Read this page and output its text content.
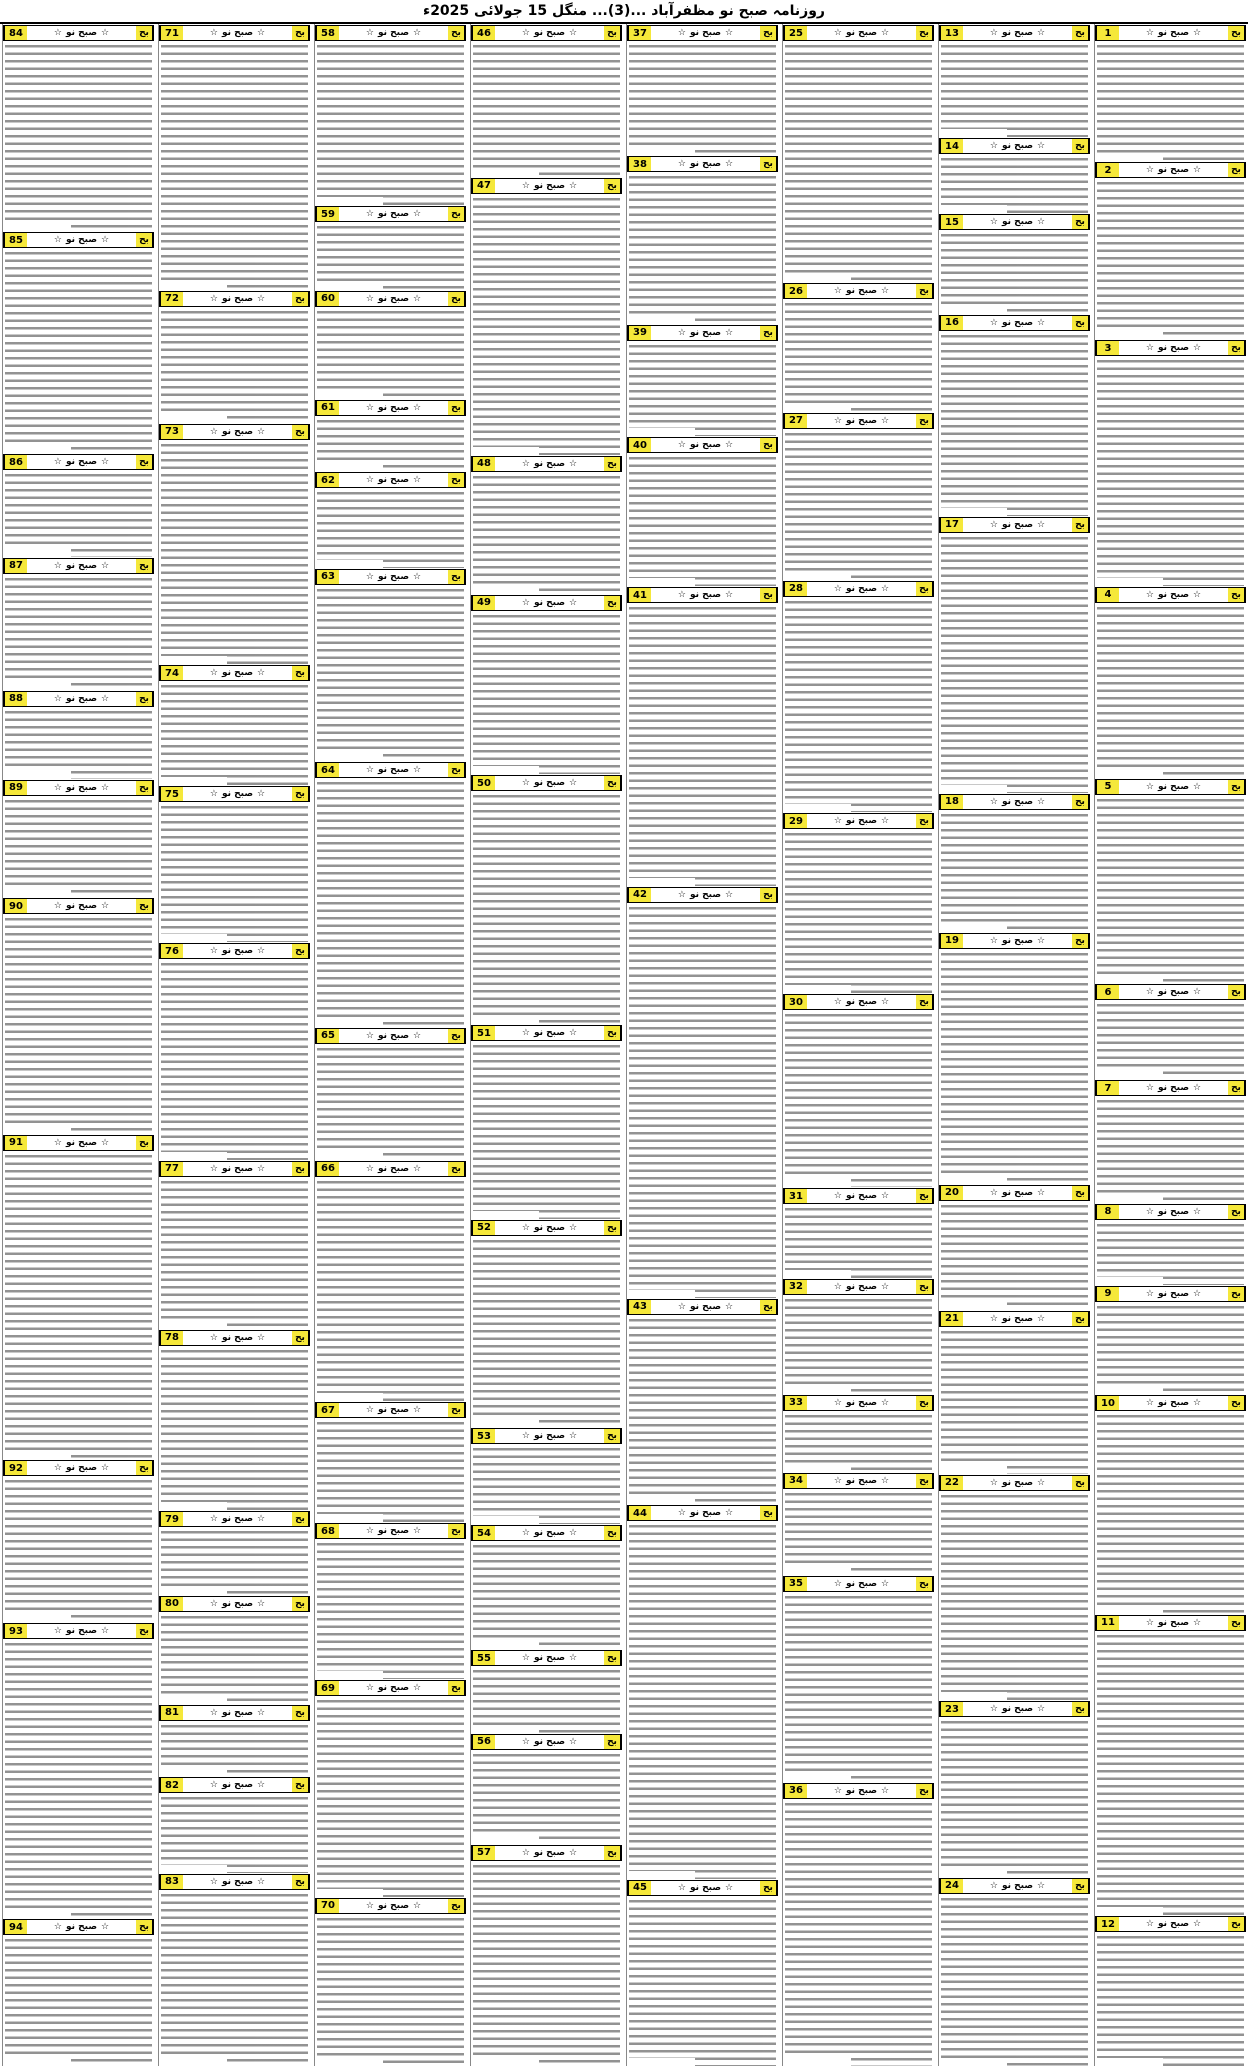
روزنامہ صبح نو مظفرآباد ...(3)... منگل 15 جولائی 2025ء
1	☆
صبح نو
☆	بح
2	☆
صبح نو
☆	بح
3	☆
صبح نو
☆	بح
4	☆
صبح نو
☆	بح
5	☆
صبح نو
☆	بح
6	☆
صبح نو
☆	بح
7	☆
صبح نو
☆	بح
8	☆
صبح نو
☆	بح
9	☆
صبح نو
☆	بح
10	☆
صبح نو
☆	بح
11	☆
صبح نو
☆	بح
12	☆
صبح نو
☆	بح
13	☆
صبح نو
☆	بح
14	☆
صبح نو
☆	بح
15	☆
صبح نو
☆	بح
16	☆
صبح نو
☆	بح
17	☆
صبح نو
☆	بح
18	☆
صبح نو
☆	بح
19	☆
صبح نو
☆	بح
20	☆
صبح نو
☆	بح
21	☆
صبح نو
☆	بح
22	☆
صبح نو
☆	بح
23	☆
صبح نو
☆	بح
24	☆
صبح نو
☆	بح
25	☆
صبح نو
☆	بح
26	☆
صبح نو
☆	بح
27	☆
صبح نو
☆	بح
28	☆
صبح نو
☆	بح
29	☆
صبح نو
☆	بح
30	☆
صبح نو
☆	بح
31	☆
صبح نو
☆	بح
32	☆
صبح نو
☆	بح
33	☆
صبح نو
☆	بح
34	☆
صبح نو
☆	بح
35	☆
صبح نو
☆	بح
36	☆
صبح نو
☆	بح
37	☆
صبح نو
☆	بح
38	☆
صبح نو
☆	بح
39	☆
صبح نو
☆	بح
40	☆
صبح نو
☆	بح
41	☆
صبح نو
☆	بح
42	☆
صبح نو
☆	بح
43	☆
صبح نو
☆	بح
44	☆
صبح نو
☆	بح
45	☆
صبح نو
☆	بح
46	☆
صبح نو
☆	بح
47	☆
صبح نو
☆	بح
48	☆
صبح نو
☆	بح
49	☆
صبح نو
☆	بح
50	☆
صبح نو
☆	بح
51	☆
صبح نو
☆	بح
52	☆
صبح نو
☆	بح
53	☆
صبح نو
☆	بح
54	☆
صبح نو
☆	بح
55	☆
صبح نو
☆	بح
56	☆
صبح نو
☆	بح
57	☆
صبح نو
☆	بح
58	☆
صبح نو
☆	بح
59	☆
صبح نو
☆	بح
60	☆
صبح نو
☆	بح
61	☆
صبح نو
☆	بح
62	☆
صبح نو
☆	بح
63	☆
صبح نو
☆	بح
64	☆
صبح نو
☆	بح
65	☆
صبح نو
☆	بح
66	☆
صبح نو
☆	بح
67	☆
صبح نو
☆	بح
68	☆
صبح نو
☆	بح
69	☆
صبح نو
☆	بح
70	☆
صبح نو
☆	بح
71	☆
صبح نو
☆	بح
72	☆
صبح نو
☆	بح
73	☆
صبح نو
☆	بح
74	☆
صبح نو
☆	بح
75	☆
صبح نو
☆	بح
76	☆
صبح نو
☆	بح
77	☆
صبح نو
☆	بح
78	☆
صبح نو
☆	بح
79	☆
صبح نو
☆	بح
80	☆
صبح نو
☆	بح
81	☆
صبح نو
☆	بح
82	☆
صبح نو
☆	بح
83	☆
صبح نو
☆	بح
84	☆
صبح نو
☆	بح
85	☆
صبح نو
☆	بح
86	☆
صبح نو
☆	بح
87	☆
صبح نو
☆	بح
88	☆
صبح نو
☆	بح
89	☆
صبح نو
☆	بح
90	☆
صبح نو
☆	بح
91	☆
صبح نو
☆	بح
92	☆
صبح نو
☆	بح
93	☆
صبح نو
☆	بح
94	☆
صبح نو
☆	بح
